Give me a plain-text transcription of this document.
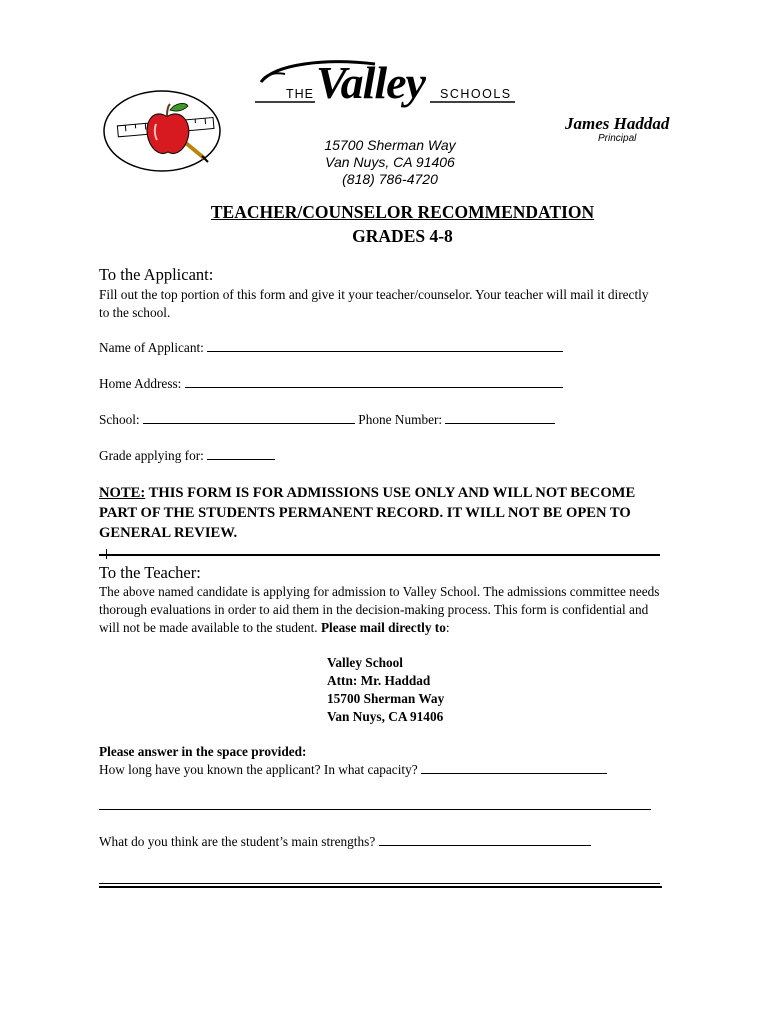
THE Valley SCHOOLS
15700 Sherman Way
Van Nuys, CA 91406
(818) 786-4720
James Haddad
Principal
TEACHER/COUNSELOR RECOMMENDATION
GRADES 4-8
To the Applicant:
Fill out the top portion of this form and give it your teacher/counselor. Your teacher will mail it directly to the school.
Name of Applicant:
Home Address:
School:	Phone Number:
Grade applying for:
NOTE: THIS FORM IS FOR ADMISSIONS USE ONLY AND WILL NOT BECOME PART OF THE STUDENTS PERMANENT RECORD. IT WILL NOT BE OPEN TO GENERAL REVIEW.
To the Teacher:
The above named candidate is applying for admission to Valley School. The admissions committee needs thorough evaluations in order to aid them in the decision-making process. This form is confidential and will not be made available to the student. Please mail directly to:
Valley School
Attn: Mr. Haddad
15700 Sherman Way
Van Nuys, CA 91406
Please answer in the space provided:
How long have you known the applicant? In what capacity?
What do you think are the student’s main strengths?
